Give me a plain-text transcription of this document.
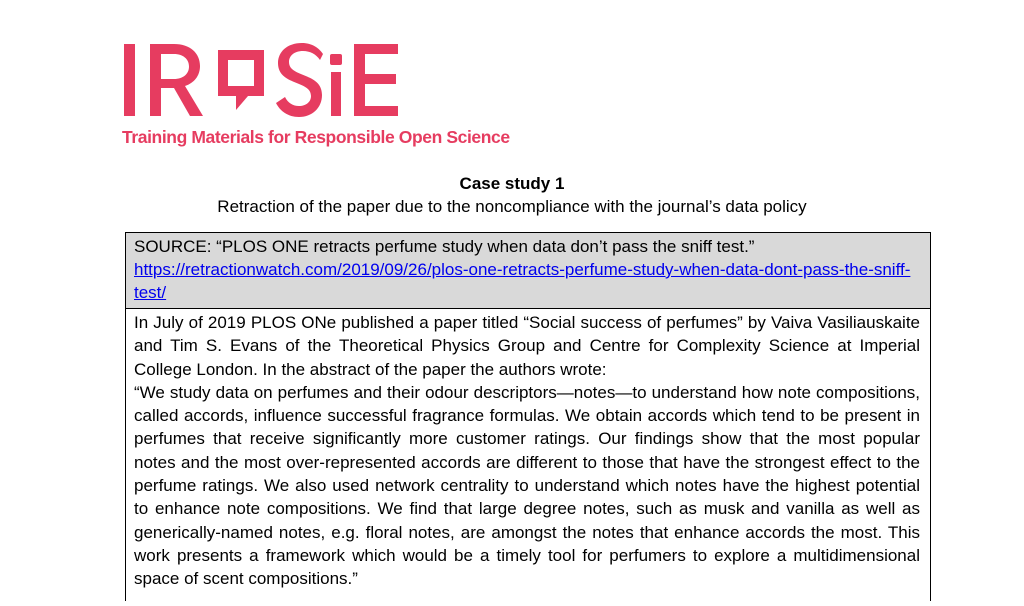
Training Materials for Responsible Open Science
Case study 1
Retraction of the paper due to the noncompliance with the journal’s data policy
SOURCE: “PLOS ONE retracts perfume study when data don’t pass the sniff test.”
https://retractionwatch.com/2019/09/26/plos-one-retracts-perfume-study-when-data-dont-pass-the-sniff-test/

In July of 2019 PLOS ONe published a paper titled “Social success of perfumes” by Vaiva Vasiliauskaite and Tim S. Evans of the Theoretical Physics Group and Centre for Complexity Science at Imperial College London. In the abstract of the paper the authors wrote:

“We study data on perfumes and their odour descriptors—notes—to understand how note compositions, called accords, influence successful fragrance formulas. We obtain accords which tend to be present in perfumes that receive significantly more customer ratings. Our findings show that the most popular notes and the most over-represented accords are different to those that have the strongest effect to the perfume ratings. We also used network centrality to understand which notes have the highest potential to enhance note compositions. We find that large degree notes, such as musk and vanilla as well as generically-named notes, e.g. floral notes, are amongst the notes that enhance accords the most. This work presents a framework which would be a timely tool for perfumers to explore a multidimensional space of scent compositions.”
